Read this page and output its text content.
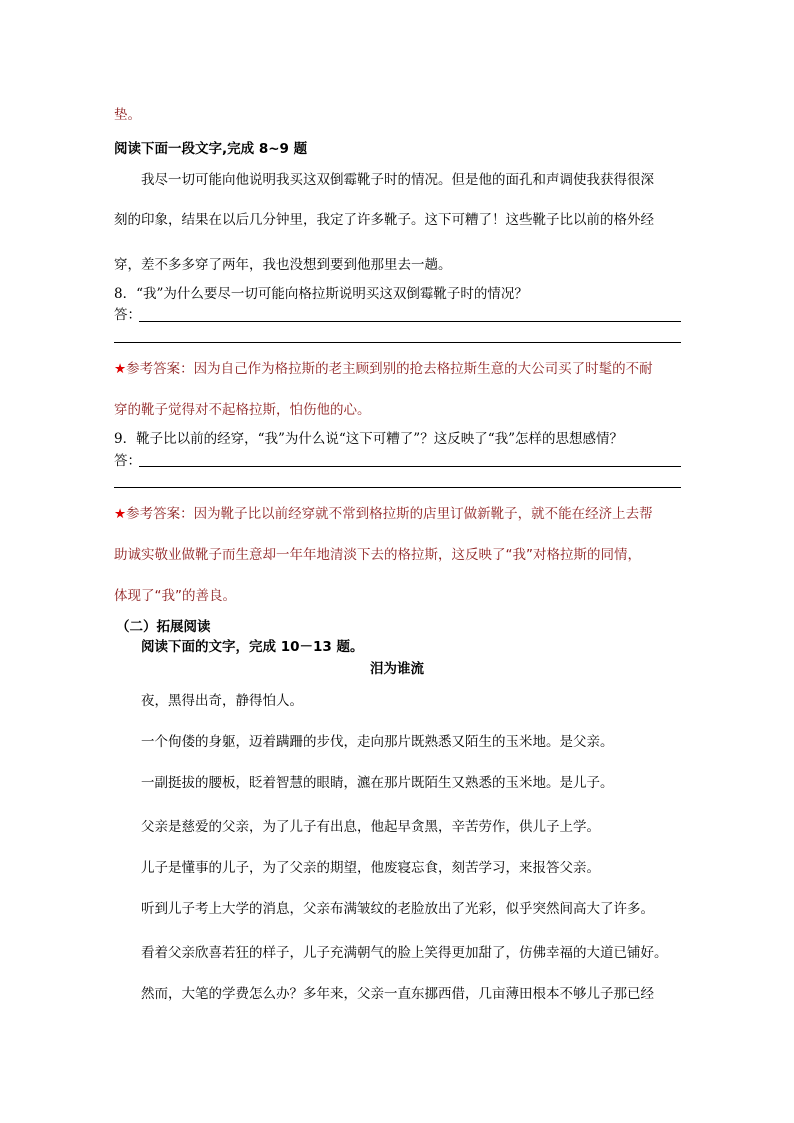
垫。
阅读下面一段文字,完成 8~9 题
我尽一切可能向他说明我买这双倒霉靴子时的情况。但是他的面孔和声调使我获得很深
刻的印象，结果在以后几分钟里，我定了许多靴子。这下可糟了！这些靴子比以前的格外经
穿，差不多多穿了两年，我也没想到要到他那里去一趟。
8．“我”为什么要尽一切可能向格拉斯说明买这双倒霉靴子时的情况？
答：
★参考答案：因为自己作为格拉斯的老主顾到别的抢去格拉斯生意的大公司买了时髦的不耐
穿的靴子觉得对不起格拉斯，怕伤他的心。
9．靴子比以前的经穿，“我”为什么说“这下可糟了”？这反映了“我”怎样的思想感情？
答：
★参考答案：因为靴子比以前经穿就不常到格拉斯的店里订做新靴子，就不能在经济上去帮
助诚实敬业做靴子而生意却一年年地清淡下去的格拉斯，这反映了“我”对格拉斯的同情，
体现了“我”的善良。
（二）拓展阅读
阅读下面的文字，完成 10－13 题。
泪为谁流
夜，黑得出奇，静得怕人。
一个佝偻的身躯，迈着蹒跚的步伐，走向那片既熟悉又陌生的玉米地。是父亲。
一副挺拔的腰板，眨着智慧的眼睛，瀌在那片既陌生又熟悉的玉米地。是儿子。
父亲是慈爱的父亲，为了儿子有出息，他起早贪黑，辛苦劳作，供儿子上学。
儿子是懂事的儿子，为了父亲的期望，他废寝忘食，刻苦学习，来报答父亲。
听到儿子考上大学的消息，父亲布满皱纹的老脸放出了光彩，似乎突然间高大了许多。
看着父亲欣喜若狂的样子，儿子充满朝气的脸上笑得更加甜了，仿佛幸福的大道已铺好。
然而，大笔的学费怎么办？多年来，父亲一直东挪西借，几亩薄田根本不够儿子那已经
